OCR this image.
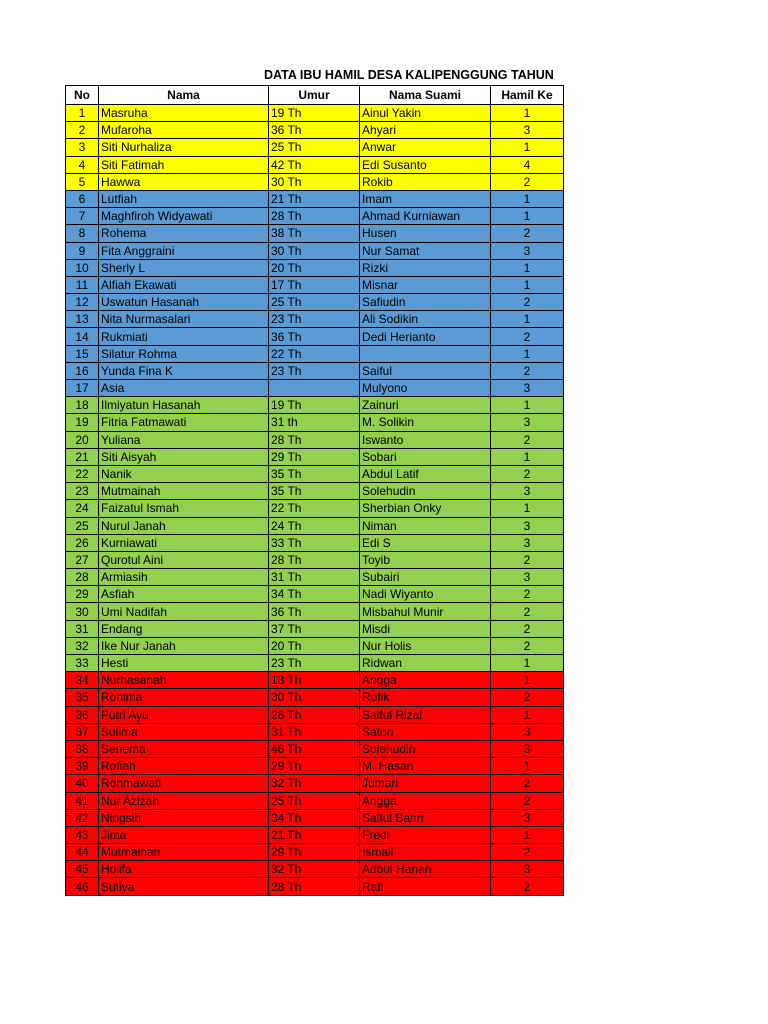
DATA IBU HAMIL DESA KALIPENGGUNG TAHUN
No	Nama	Umur	Nama Suami	Hamil Ke
1	Masruha	19 Th	Ainul Yakin	1
2	Mufaroha	36 Th	Ahyari	3
3	Siti Nurhaliza	25 Th	Anwar	1
4	Siti Fatimah	42 Th	Edi Susanto	4
5	Hawwa	30 Th	Rokib	2
6	Lutfiah	21 Th	Imam	1
7	Maghfiroh Widyawati	28 Th	Ahmad Kurniawan	1
8	Rohema	38 Th	Husen	2
9	Fita Anggraini	30 Th	Nur Samat	3
10	Sherly L	20 Th	Rizki	1
11	Alfiah Ekawati	17 Th	Misnar	1
12	Uswatun Hasanah	25 Th	Safiudin	2
13	Nita Nurmasalari	23 Th	Ali Sodikin	1
14	Rukmiati	36 Th	Dedi Herianto	2
15	Silatur Rohma	22 Th		1
16	Yunda Fina K	23 Th	Saiful	2
17	Asia		Mulyono	3
18	Ilmiyatun Hasanah	19 Th	Zainuri	1
19	Fitria Fatmawati	31 th	M. Solikin	3
20	Yuliana	28 Th	Iswanto	2
21	Siti Aisyah	29 Th	Sobari	1
22	Nanik	35 Th	Abdul Latif	2
23	Mutmainah	35 Th	Solehudin	3
24	Faizatul Ismah	22 Th	Sherbian Onky	1
25	Nurul Janah	24 Th	Niman	3
26	Kurniawati	33 Th	Edi S	3
27	Qurotul Aini	28 Th	Toyib	2
28	Armiasih	31 Th	Subairi	3
29	Asfiah	34 Th	Nadi Wiyanto	2
30	Umi Nadifah	36 Th	Misbahul Munir	2
31	Endang	37 Th	Misdi	2
32	Ike Nur Janah	20 Th	Nur Holis	2
33	Hesti	23 Th	Ridwan	1
34	Nurhasanah	18 Th	Angga	1
35	Rohima	30 Th	Rofik	2
36	Putri Ayu	26 Th	Saiful Rizal	1
37	Sulima	31 Th	Saton	3
38	Senema	46 Th	Solehudin	3
39	Rofiah	29 Th	M. Hasan	1
40	Rohmawati	32 Th	Jumari	2
41	Nur Azizah	25 Th	Angga	2
42	Ningsih	34 Th	Saiful Bahri	3
43	Jima	21 Th	Fredi	1
44	Mutmainah	29 Th	Ismail	2
45	Holifa	32 Th	Adbul Hanan	3
46	Sutiya	28 Th	Rafi	2
